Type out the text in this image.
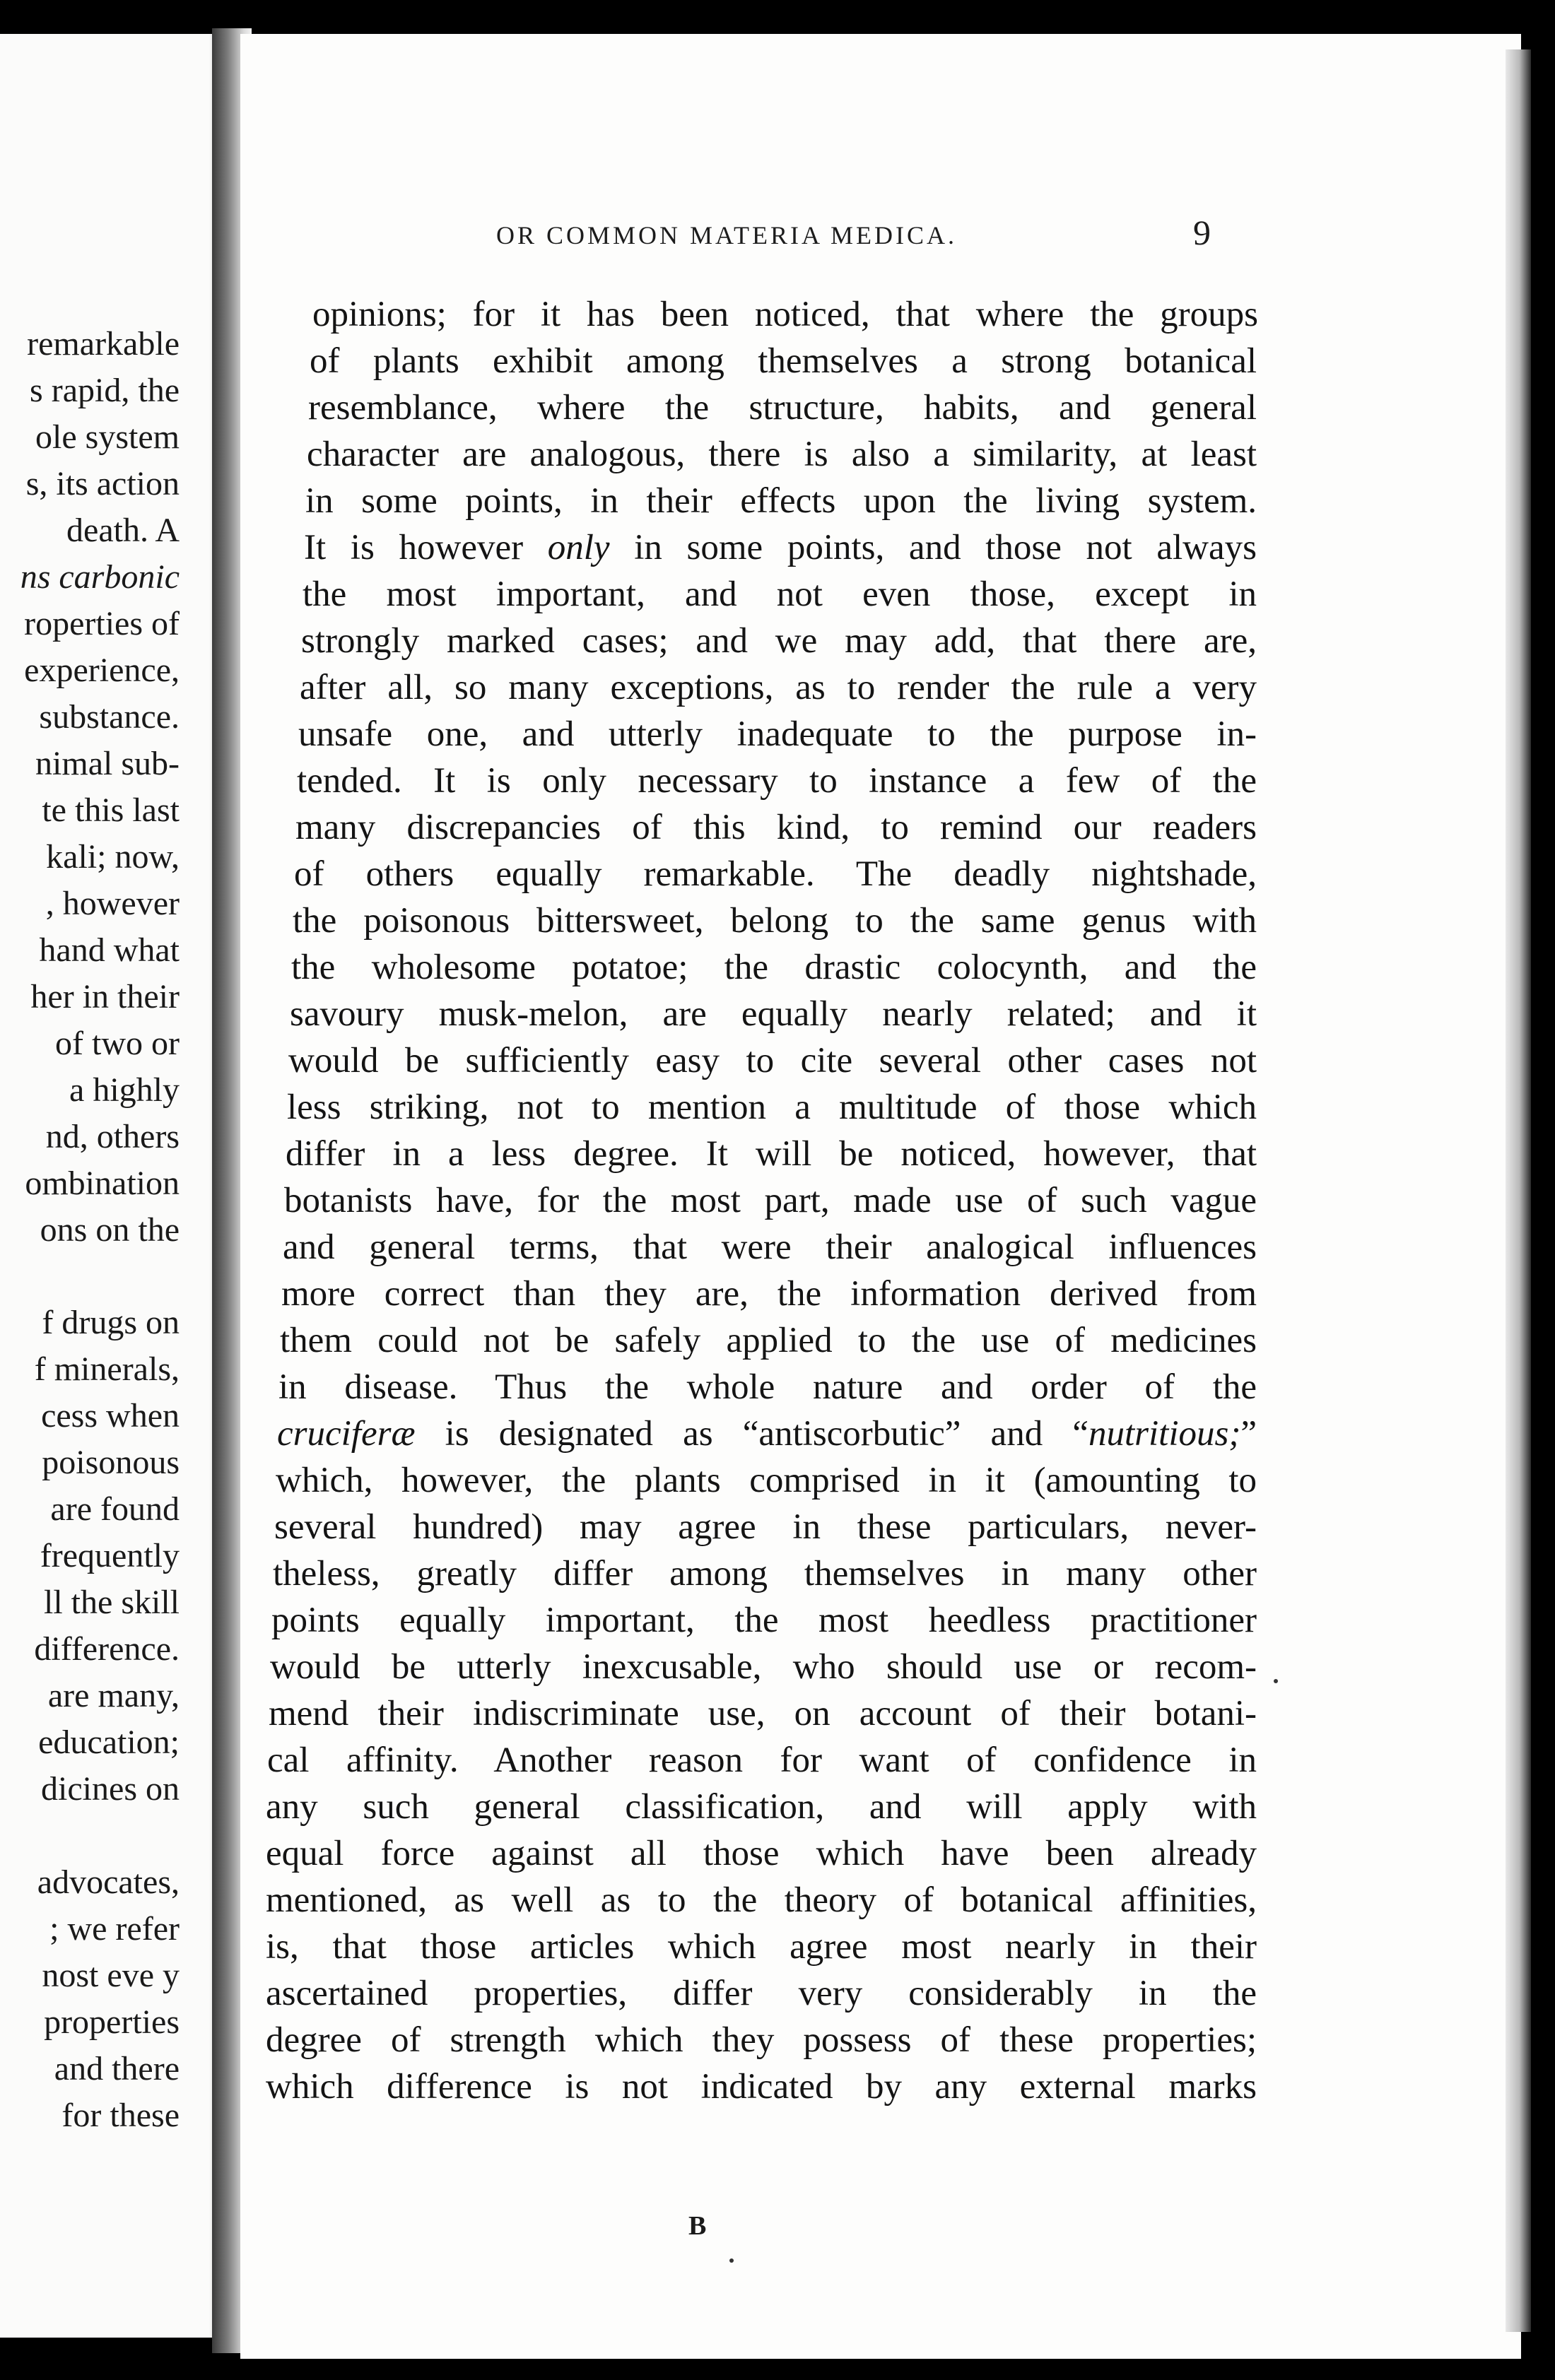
remarkable
s rapid, the
ole system
s, its action
death. A
ns carbonic
roperties of
experience,
substance.
nimal sub-
te this last
kali; now,
, however
hand what
her in their
of two or
a highly
nd, others
ombination
ons on the
f drugs on
f minerals,
cess when
poisonous
are found
frequently
ll the skill
difference.
are many,
education;
dicines on
advocates,
; we refer
nost eve y
properties
and there
for these
opinions; for it has been noticed, that where the groups
of plants exhibit among themselves a strong botanical
resemblance, where the structure, habits, and general
character are analogous, there is also a similarity, at least
in some points, in their effects upon the living system.
It is however only in some points, and those not always
the most important, and not even those, except in
strongly marked cases; and we may add, that there are,
after all, so many exceptions, as to render the rule a very
unsafe one, and utterly inadequate to the purpose in-
tended. It is only necessary to instance a few of the
many discrepancies of this kind, to remind our readers
of others equally remarkable. The deadly nightshade,
the poisonous bittersweet, belong to the same genus with
the wholesome potatoe; the drastic colocynth, and the
savoury musk-melon, are equally nearly related; and it
would be sufficiently easy to cite several other cases not
less striking, not to mention a multitude of those which
differ in a less degree. It will be noticed, however, that
botanists have, for the most part, made use of such vague
and general terms, that were their analogical influences
more correct than they are, the information derived from
them could not be safely applied to the use of medicines
in disease. Thus the whole nature and order of the
cruciferæ is designated as “antiscorbutic” and “nutritious;”
which, however, the plants comprised in it (amounting to
several hundred) may agree in these particulars, never-
theless, greatly differ among themselves in many other
points equally important, the most heedless practitioner
would be utterly inexcusable, who should use or recom-
mend their indiscriminate use, on account of their botani-
cal affinity. Another reason for want of confidence in
any such general classification, and will apply with
equal force against all those which have been already
mentioned, as well as to the theory of botanical affinities,
is, that those articles which agree most nearly in their
ascertained properties, differ very considerably in the
degree of strength which they possess of these properties;
which difference is not indicated by any external marks
OR COMMON MATERIA MEDICA.	9
B
